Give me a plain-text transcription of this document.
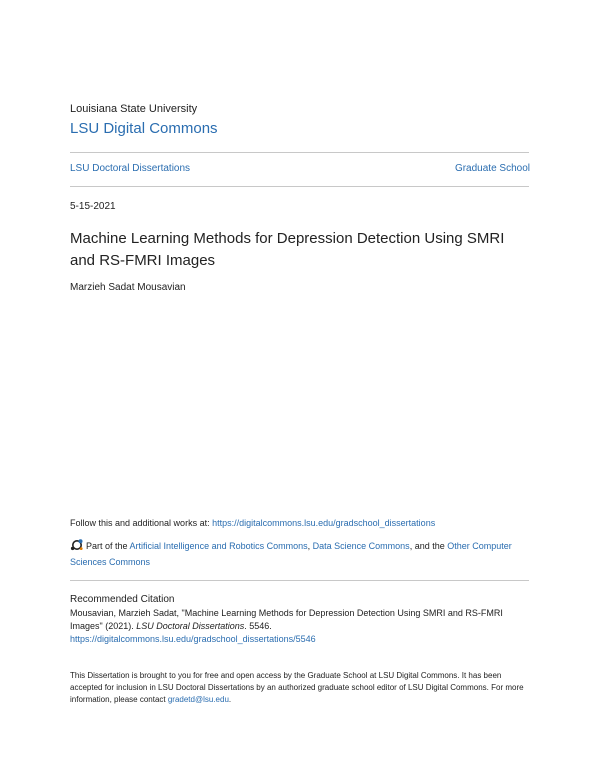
Louisiana State University
LSU Digital Commons
LSU Doctoral Dissertations	Graduate School
5-15-2021
Machine Learning Methods for Depression Detection Using SMRI and RS-FMRI Images
Marzieh Sadat Mousavian
Follow this and additional works at: https://digitalcommons.lsu.edu/gradschool_dissertations
Part of the Artificial Intelligence and Robotics Commons, Data Science Commons, and the Other Computer Sciences Commons
Recommended Citation
Mousavian, Marzieh Sadat, "Machine Learning Methods for Depression Detection Using SMRI and RS-FMRI Images" (2021). LSU Doctoral Dissertations. 5546.
https://digitalcommons.lsu.edu/gradschool_dissertations/5546
This Dissertation is brought to you for free and open access by the Graduate School at LSU Digital Commons. It has been accepted for inclusion in LSU Doctoral Dissertations by an authorized graduate school editor of LSU Digital Commons. For more information, please contact gradetd@lsu.edu.
